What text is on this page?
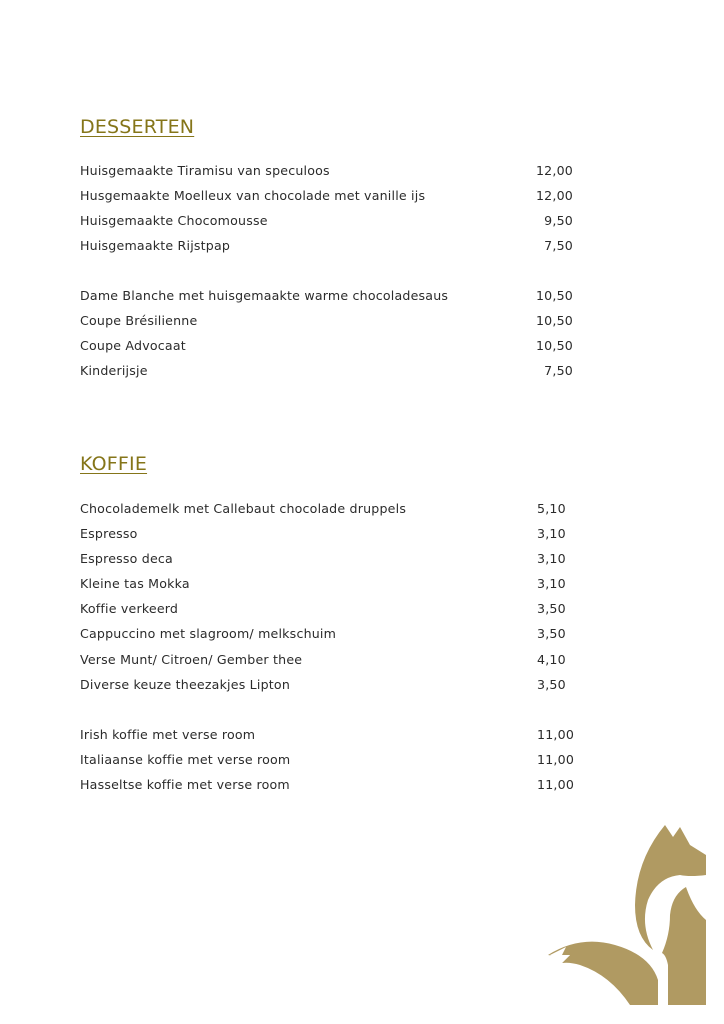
DESSERTEN
Huisgemaakte Tiramisu van speculoos	12,00
Husgemaakte Moelleux van chocolade met vanille ijs	12,00
Huisgemaakte Chocomousse	9,50
Huisgemaakte Rijstpap	7,50
Dame Blanche met huisgemaakte warme chocoladesaus	10,50
Coupe Brésilienne	10,50
Coupe Advocaat	10,50
Kinderijsje	7,50
KOFFIE
Chocolademelk met Callebaut chocolade druppels	5,10
Espresso	3,10
Espresso deca	3,10
Kleine tas Mokka	3,10
Koffie verkeerd	3,50
Cappuccino met slagroom/ melkschuim	3,50
Verse Munt/ Citroen/ Gember thee	4,10
Diverse keuze theezakjes Lipton	3,50
Irish koffie met verse room	11,00
Italiaanse koffie met verse room	11,00
Hasseltse koffie met verse room	11,00
